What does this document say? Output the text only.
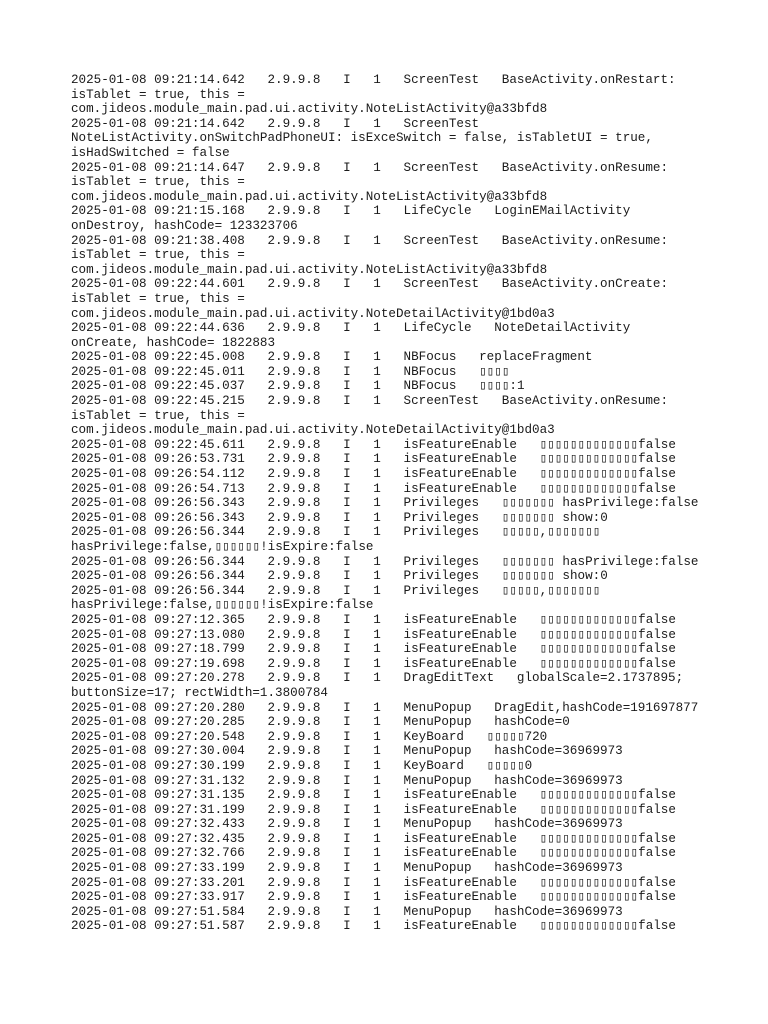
2025-01-08 09:21:14.642   2.9.9.8   I   1   ScreenTest   BaseActivity.onRestart:
isTablet = true, this =
com.jideos.module_main.pad.ui.activity.NoteListActivity@a33bfd8
2025-01-08 09:21:14.642   2.9.9.8   I   1   ScreenTest
NoteListActivity.onSwitchPadPhoneUI: isExceSwitch = false, isTabletUI = true,
isHadSwitched = false
2025-01-08 09:21:14.647   2.9.9.8   I   1   ScreenTest   BaseActivity.onResume:
isTablet = true, this =
com.jideos.module_main.pad.ui.activity.NoteListActivity@a33bfd8
2025-01-08 09:21:15.168   2.9.9.8   I   1   LifeCycle   LoginEMailActivity
onDestroy, hashCode= 123323706
2025-01-08 09:21:38.408   2.9.9.8   I   1   ScreenTest   BaseActivity.onResume:
isTablet = true, this =
com.jideos.module_main.pad.ui.activity.NoteListActivity@a33bfd8
2025-01-08 09:22:44.601   2.9.9.8   I   1   ScreenTest   BaseActivity.onCreate:
isTablet = true, this =
com.jideos.module_main.pad.ui.activity.NoteDetailActivity@1bd0a3
2025-01-08 09:22:44.636   2.9.9.8   I   1   LifeCycle   NoteDetailActivity
onCreate, hashCode= 1822883
2025-01-08 09:22:45.008   2.9.9.8   I   1   NBFocus   replaceFragment
2025-01-08 09:22:45.011   2.9.9.8   I   1   NBFocus   ▯▯▯▯
2025-01-08 09:22:45.037   2.9.9.8   I   1   NBFocus   ▯▯▯▯:1
2025-01-08 09:22:45.215   2.9.9.8   I   1   ScreenTest   BaseActivity.onResume:
isTablet = true, this =
com.jideos.module_main.pad.ui.activity.NoteDetailActivity@1bd0a3
2025-01-08 09:22:45.611   2.9.9.8   I   1   isFeatureEnable   ▯▯▯▯▯▯▯▯▯▯▯▯▯false
2025-01-08 09:26:53.731   2.9.9.8   I   1   isFeatureEnable   ▯▯▯▯▯▯▯▯▯▯▯▯▯false
2025-01-08 09:26:54.112   2.9.9.8   I   1   isFeatureEnable   ▯▯▯▯▯▯▯▯▯▯▯▯▯false
2025-01-08 09:26:54.713   2.9.9.8   I   1   isFeatureEnable   ▯▯▯▯▯▯▯▯▯▯▯▯▯false
2025-01-08 09:26:56.343   2.9.9.8   I   1   Privileges   ▯▯▯▯▯▯▯ hasPrivilege:false
2025-01-08 09:26:56.343   2.9.9.8   I   1   Privileges   ▯▯▯▯▯▯▯ show:0
2025-01-08 09:26:56.344   2.9.9.8   I   1   Privileges   ▯▯▯▯▯,▯▯▯▯▯▯▯
hasPrivilege:false,▯▯▯▯▯▯!isExpire:false
2025-01-08 09:26:56.344   2.9.9.8   I   1   Privileges   ▯▯▯▯▯▯▯ hasPrivilege:false
2025-01-08 09:26:56.344   2.9.9.8   I   1   Privileges   ▯▯▯▯▯▯▯ show:0
2025-01-08 09:26:56.344   2.9.9.8   I   1   Privileges   ▯▯▯▯▯,▯▯▯▯▯▯▯
hasPrivilege:false,▯▯▯▯▯▯!isExpire:false
2025-01-08 09:27:12.365   2.9.9.8   I   1   isFeatureEnable   ▯▯▯▯▯▯▯▯▯▯▯▯▯false
2025-01-08 09:27:13.080   2.9.9.8   I   1   isFeatureEnable   ▯▯▯▯▯▯▯▯▯▯▯▯▯false
2025-01-08 09:27:18.799   2.9.9.8   I   1   isFeatureEnable   ▯▯▯▯▯▯▯▯▯▯▯▯▯false
2025-01-08 09:27:19.698   2.9.9.8   I   1   isFeatureEnable   ▯▯▯▯▯▯▯▯▯▯▯▯▯false
2025-01-08 09:27:20.278   2.9.9.8   I   1   DragEditText   globalScale=2.1737895;
buttonSize=17; rectWidth=1.3800784
2025-01-08 09:27:20.280   2.9.9.8   I   1   MenuPopup   DragEdit,hashCode=191697877
2025-01-08 09:27:20.285   2.9.9.8   I   1   MenuPopup   hashCode=0
2025-01-08 09:27:20.548   2.9.9.8   I   1   KeyBoard   ▯▯▯▯▯720
2025-01-08 09:27:30.004   2.9.9.8   I   1   MenuPopup   hashCode=36969973
2025-01-08 09:27:30.199   2.9.9.8   I   1   KeyBoard   ▯▯▯▯▯0
2025-01-08 09:27:31.132   2.9.9.8   I   1   MenuPopup   hashCode=36969973
2025-01-08 09:27:31.135   2.9.9.8   I   1   isFeatureEnable   ▯▯▯▯▯▯▯▯▯▯▯▯▯false
2025-01-08 09:27:31.199   2.9.9.8   I   1   isFeatureEnable   ▯▯▯▯▯▯▯▯▯▯▯▯▯false
2025-01-08 09:27:32.433   2.9.9.8   I   1   MenuPopup   hashCode=36969973
2025-01-08 09:27:32.435   2.9.9.8   I   1   isFeatureEnable   ▯▯▯▯▯▯▯▯▯▯▯▯▯false
2025-01-08 09:27:32.766   2.9.9.8   I   1   isFeatureEnable   ▯▯▯▯▯▯▯▯▯▯▯▯▯false
2025-01-08 09:27:33.199   2.9.9.8   I   1   MenuPopup   hashCode=36969973
2025-01-08 09:27:33.201   2.9.9.8   I   1   isFeatureEnable   ▯▯▯▯▯▯▯▯▯▯▯▯▯false
2025-01-08 09:27:33.917   2.9.9.8   I   1   isFeatureEnable   ▯▯▯▯▯▯▯▯▯▯▯▯▯false
2025-01-08 09:27:51.584   2.9.9.8   I   1   MenuPopup   hashCode=36969973
2025-01-08 09:27:51.587   2.9.9.8   I   1   isFeatureEnable   ▯▯▯▯▯▯▯▯▯▯▯▯▯false
